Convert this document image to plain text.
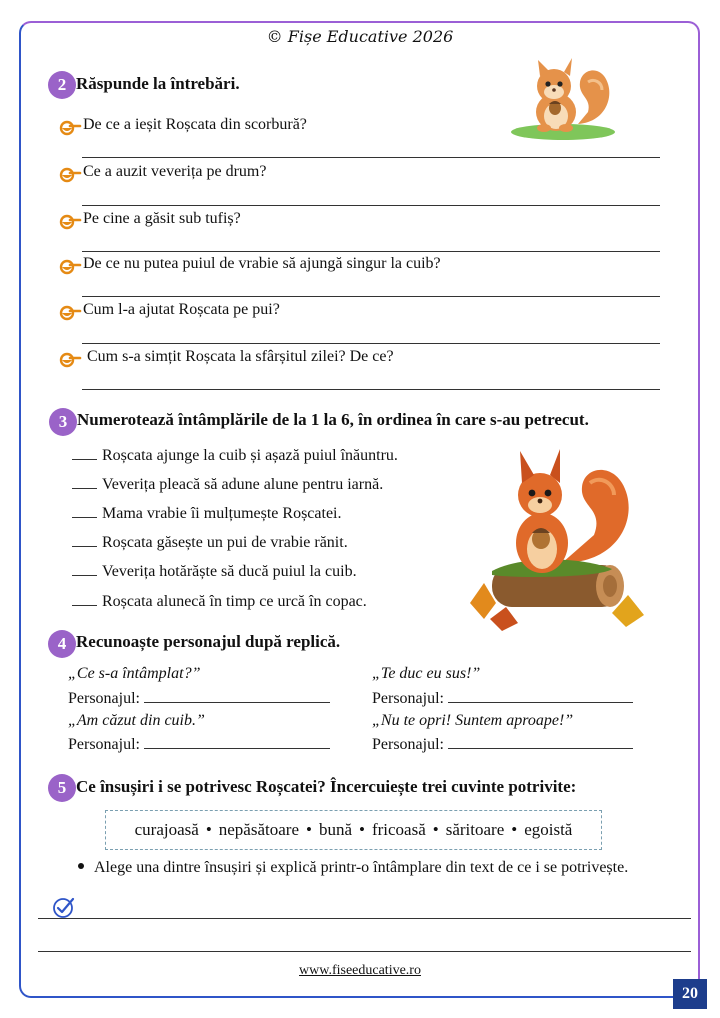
© Fișe Educative 2026
2 Răspunde la întrebări.
De ce a ieșit Roșcata din scorbură?
Ce a auzit veverița pe drum?
Pe cine a găsit sub tufiș?
De ce nu putea puiul de vrabie să ajungă singur la cuib?
Cum l-a ajutat Roșcata pe pui?
Cum s-a simțit Roșcata la sfârșitul zilei? De ce?
3 Numerotează întâmplările de la 1 la 6, în ordinea în care s-au petrecut.
Roșcata ajunge la cuib și așază puiul înăuntru.
Veverița pleacă să adune alune pentru iarnă.
Mama vrabie îi mulțumește Roșcatei.
Roșcata găsește un pui de vrabie rănit.
Veverița hotărăște să ducă puiul la cuib.
Roșcata alunecă în timp ce urcă în copac.
4 Recunoaște personajul după replică.
„Ce s-a întâmplat?”
Personajul:
„Te duc eu sus!”
Personajul:
„Am căzut din cuib.”
Personajul:
„Nu te opri! Suntem aproape!”
Personajul:
5 Ce însușiri i se potrivesc Roșcatei? Încercuiește trei cuvinte potrivite:
curajoasă • nepăsătoare • bună • fricoasă • săritoare • egoistă
Alege una dintre însușiri și explică printr-o întâmplare din text de ce i se potrivește.
www.fiseeducative.ro
20
